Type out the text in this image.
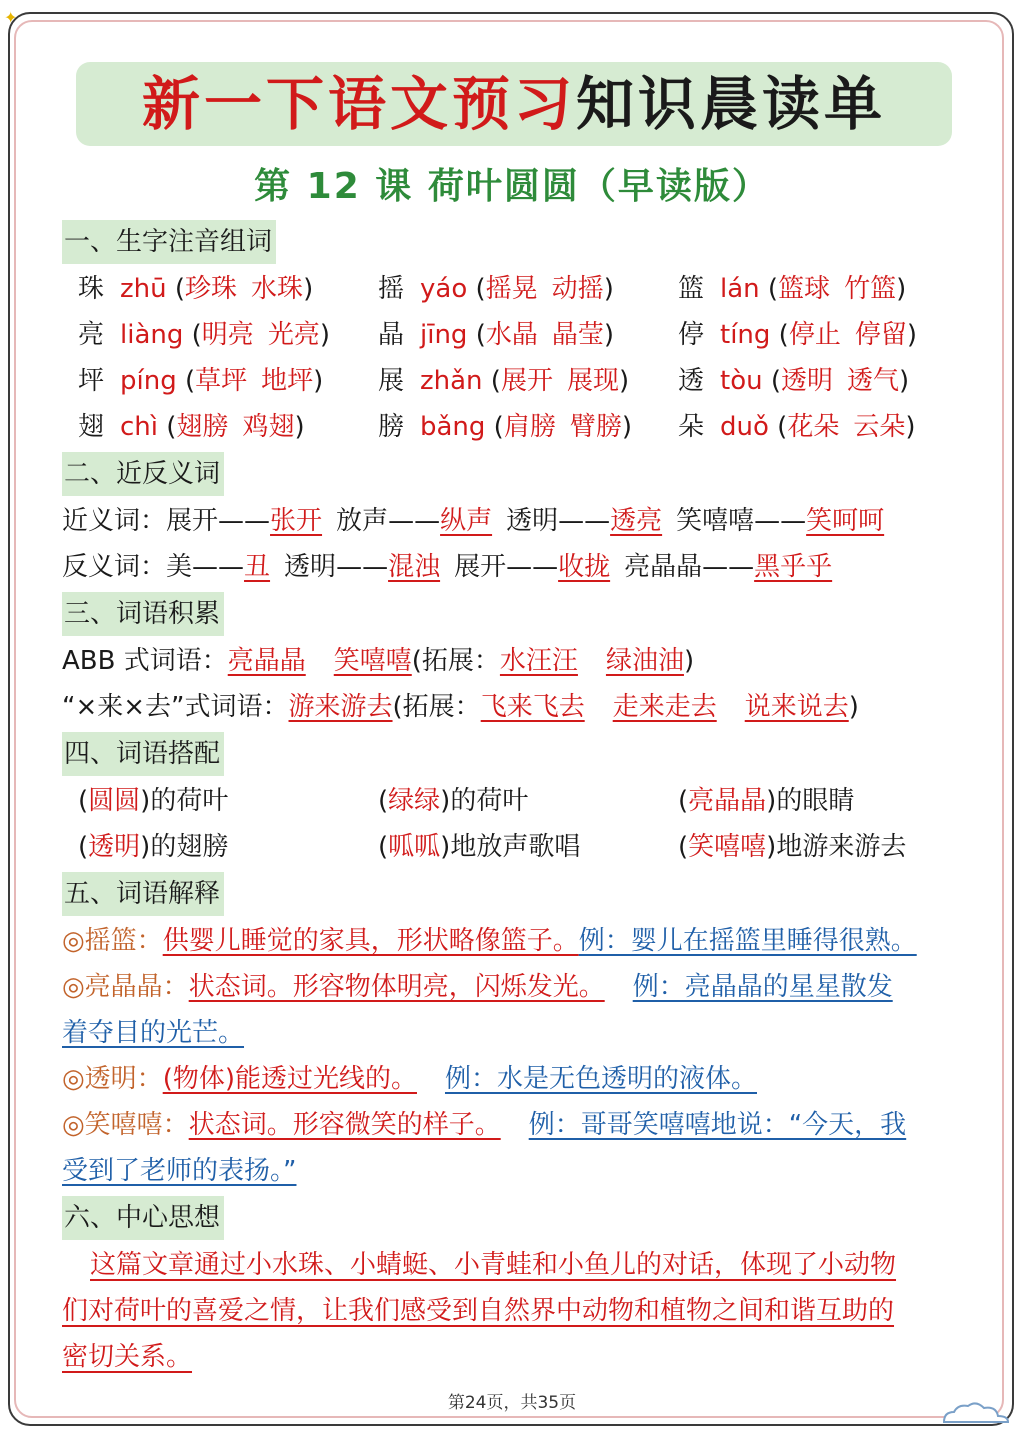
✦
新一下语文预习知识晨读单
第 12 课 荷叶圆圆（早读版）
一、生字注音组词
珠 zhū (珍珠 水珠)	摇 yáo (摇晃 动摇)	篮 lán (篮球 竹篮)
亮 liàng (明亮 光亮)	晶 jīng (水晶 晶莹)	停 tíng (停止 停留)
坪 píng (草坪 地坪)	展 zhǎn (展开 展现)	透 tòu (透明 透气)
翅 chì (翅膀 鸡翅)	膀 bǎng (肩膀 臂膀)	朵 duǒ (花朵 云朵)
二、近反义词
近义词：展开——张开 放声——纵声 透明——透亮 笑嘻嘻——笑呵呵
反义词：美——丑 透明——混浊 展开——收拢 亮晶晶——黑乎乎
三、词语积累
ABB 式词语：亮晶晶 笑嘻嘻(拓展：水汪汪 绿油油)
“×来×去”式词语：游来游去(拓展：飞来飞去 走来走去 说来说去)
四、词语搭配
(圆圆)的荷叶	(绿绿)的荷叶	(亮晶晶)的眼睛
(透明)的翅膀	(呱呱)地放声歌唱	(笑嘻嘻)地游来游去
五、词语解释
◎摇篮：供婴儿睡觉的家具，形状略像篮子。例：婴儿在摇篮里睡得很熟。
◎亮晶晶：状态词。形容物体明亮，闪烁发光。 例：亮晶晶的星星散发
着夺目的光芒。
◎透明：(物体)能透过光线的。 例：水是无色透明的液体。
◎笑嘻嘻：状态词。形容微笑的样子。 例：哥哥笑嘻嘻地说：“今天，我
受到了老师的表扬。”
六、中心思想
这篇文章通过小水珠、小蜻蜓、小青蛙和小鱼儿的对话，体现了小动物
们对荷叶的喜爱之情，让我们感受到自然界中动物和植物之间和谐互助的
密切关系。
第24页，共35页
